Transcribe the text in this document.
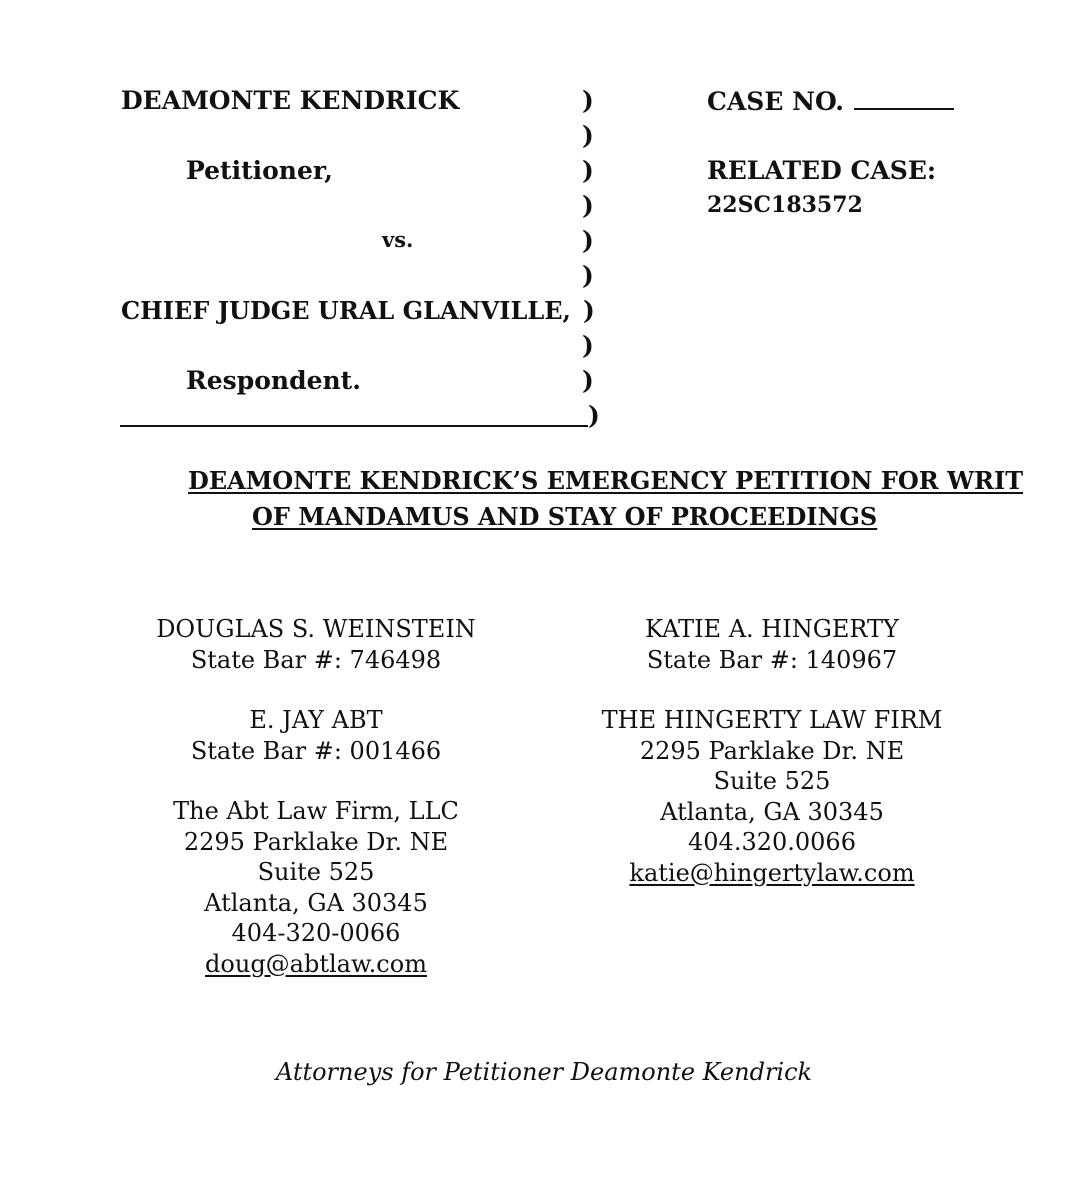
DEAMONTE KENDRICK
Petitioner,
vs.
CHIEF JUDGE URAL GLANVILLE,
Respondent.
)
)
)
)
)
)
)
)
)
)
CASE NO.
RELATED CASE:
22SC183572
DEAMONTE KENDRICK’S EMERGENCY PETITION FOR WRIT
OF MANDAMUS AND STAY OF PROCEEDINGS
DOUGLAS S. WEINSTEIN
State Bar #: 746498
E. JAY ABT
State Bar #: 001466
The Abt Law Firm, LLC
2295 Parklake Dr. NE
Suite 525
Atlanta, GA 30345
404-320-0066
doug@abtlaw.com
KATIE A. HINGERTY
State Bar #: 140967
THE HINGERTY LAW FIRM
2295 Parklake Dr. NE
Suite 525
Atlanta, GA 30345
404.320.0066
katie@hingertylaw.com
Attorneys for Petitioner Deamonte Kendrick
